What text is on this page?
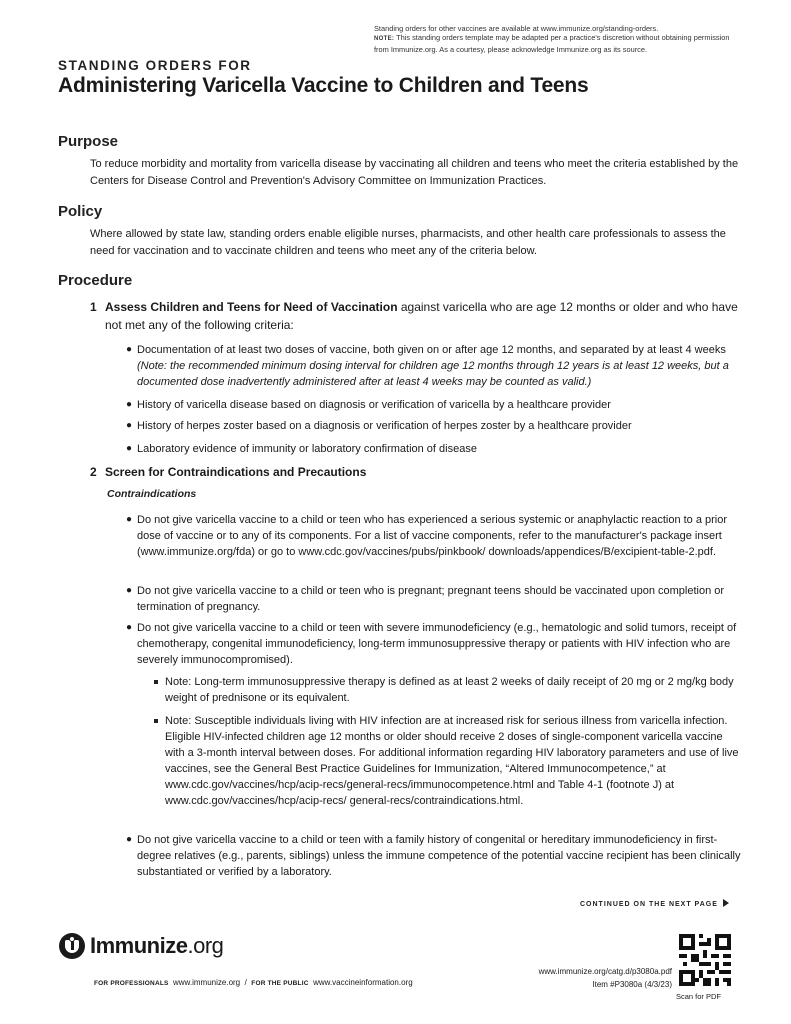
Standing orders for other vaccines are available at www.immunize.org/standing-orders.
NOTE: This standing orders template may be adapted per a practice's discretion without obtaining permission from Immunize.org. As a courtesy, please acknowledge Immunize.org as its source.
STANDING ORDERS FOR
Administering Varicella Vaccine to Children and Teens
Purpose
To reduce morbidity and mortality from varicella disease by vaccinating all children and teens who meet the criteria established by the Centers for Disease Control and Prevention's Advisory Committee on Immunization Practices.
Policy
Where allowed by state law, standing orders enable eligible nurses, pharmacists, and other health care professionals to assess the need for vaccination and to vaccinate children and teens who meet any of the criteria below.
Procedure
1 Assess Children and Teens for Need of Vaccination against varicella who are age 12 months or older and who have not met any of the following criteria:
● Documentation of at least two doses of vaccine, both given on or after age 12 months, and separated by at least 4 weeks (Note: the recommended minimum dosing interval for children age 12 months through 12 years is at least 12 weeks, but a documented dose inadvertently administered after at least 4 weeks may be counted as valid.)
● History of varicella disease based on diagnosis or verification of varicella by a healthcare provider
● History of herpes zoster based on a diagnosis or verification of herpes zoster by a healthcare provider
● Laboratory evidence of immunity or laboratory confirmation of disease
2 Screen for Contraindications and Precautions
Contraindications
● Do not give varicella vaccine to a child or teen who has experienced a serious systemic or anaphylactic reaction to a prior dose of vaccine or to any of its components. For a list of vaccine components, refer to the manufacturer's package insert (www.immunize.org/fda) or go to www.cdc.gov/vaccines/pubs/pinkbook/ downloads/appendices/B/excipient-table-2.pdf.
● Do not give varicella vaccine to a child or teen who is pregnant; pregnant teens should be vaccinated upon completion or termination of pregnancy.
● Do not give varicella vaccine to a child or teen with severe immunodeficiency (e.g., hematologic and solid tumors, receipt of chemotherapy, congenital immunodeficiency, long-term immunosuppressive therapy or patients with HIV infection who are severely immunocompromised).
Note: Long-term immunosuppressive therapy is defined as at least 2 weeks of daily receipt of 20 mg or 2 mg/kg body weight of prednisone or its equivalent.
Note: Susceptible individuals living with HIV infection are at increased risk for serious illness from varicella infection. Eligible HIV-infected children age 12 months or older should receive 2 doses of single-component varicella vaccine with a 3-month interval between doses. For additional information regarding HIV laboratory parameters and use of live vaccines, see the General Best Practice Guidelines for Immunization, “Altered Immunocompetence,” at www.cdc.gov/vaccines/hcp/acip-recs/general-recs/immunocompetence.html and Table 4-1 (footnote J) at www.cdc.gov/vaccines/hcp/acip-recs/ general-recs/contraindications.html.
● Do not give varicella vaccine to a child or teen with a family history of congenital or hereditary immunodeficiency in first-degree relatives (e.g., parents, siblings) unless the immune competence of the potential vaccine recipient has been clinically substantiated or verified by a laboratory.
CONTINUED ON THE NEXT PAGE
Immunize.org
FOR PROFESSIONALS www.immunize.org / FOR THE PUBLIC www.vaccineinformation.org
www.immunize.org/catg.d/p3080a.pdf
Item #P3080a (4/3/23)
Scan for PDF
